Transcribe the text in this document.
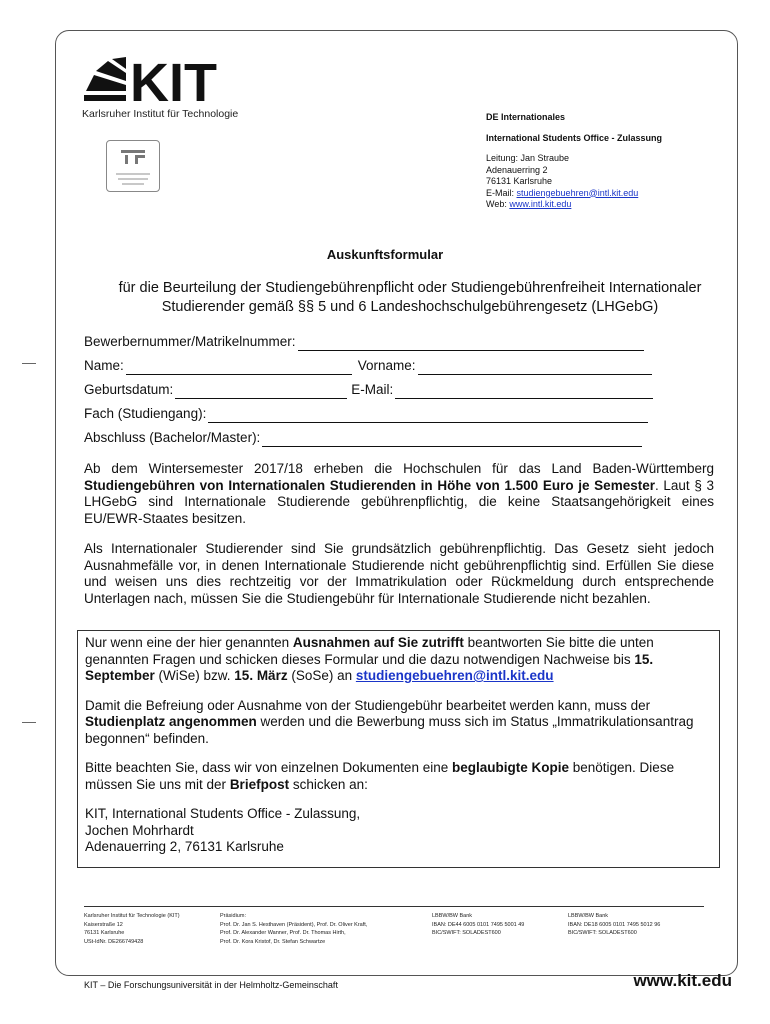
KIT
Karlsruher Institut für Technologie	DE Internationales
International Students Office - Zulassung
Leitung: Jan Straube
Adenauerring 2
76131 Karlsruhe
E-Mail: studiengebuehren@intl.kit.edu
Web: www.intl.kit.edu
Auskunftsformular
für die Beurteilung der Studiengebührenpflicht oder Studiengebührenfreiheit Internationaler Studierender gemäß §§ 5 und 6 Landeshochschulgebührengesetz (LHGebG)
Bewerbernummer/Matrikelnummer:
Name:	Vorname:
Geburtsdatum:	E-Mail:
Fach (Studiengang):
Abschluss (Bachelor/Master):
Ab dem Wintersemester 2017/18 erheben die Hochschulen für das Land Baden-Württemberg Studiengebühren von Internationalen Studierenden in Höhe von 1.500 Euro je Semester. Laut § 3 LHGebG sind Internationale Studierende gebührenpflichtig, die keine Staatsangehörigkeit eines EU/EWR-Staates besitzen.
Als Internationaler Studierender sind Sie grundsätzlich gebührenpflichtig. Das Gesetz sieht jedoch Ausnahmefälle vor, in denen Internationale Studierende nicht gebührenpflichtig sind. Erfüllen Sie diese und weisen uns dies rechtzeitig vor der Immatrikulation oder Rückmeldung durch entsprechende Unterlagen nach, müssen Sie die Studiengebühr für Internationale Studierende nicht bezahlen.

Nur wenn eine der hier genannten Ausnahmen auf Sie zutrifft beantworten Sie bitte die unten genannten Fragen und schicken dieses Formular und die dazu notwendigen Nachweise bis 15. September (WiSe) bzw. 15. März (SoSe) an studiengebuehren@intl.kit.edu

Damit die Befreiung oder Ausnahme von der Studiengebühr bearbeitet werden kann, muss der Studienplatz angenommen werden und die Bewerbung muss sich im Status „Immatrikulationsantrag begonnen“ befinden.

Bitte beachten Sie, dass wir von einzelnen Dokumenten eine beglaubigte Kopie benötigen. Diese müssen Sie uns mit der Briefpost schicken an:

KIT, International Students Office - Zulassung,
Jochen Mohrhardt
Adenauerring 2, 76131 Karlsruhe
Karlsruher Institut für Technologie (KIT)
Kaiserstraße 12
76131 Karlsruhe
USt-IdNr. DE266749428
Präsidium:
Prof. Dr. Jan S. Hesthaven (Präsident), Prof. Dr. Oliver Kraft,
Prof. Dr. Alexander Wanner, Prof. Dr. Thomas Hirth,
Prof. Dr. Kora Kristof, Dr. Stefan Schwartze
LBBW/BW Bank
IBAN: DE44 6005 0101 7495 5001 49
BIC/SWIFT: SOLADEST600
LBBW/BW Bank
IBAN: DE18 6005 0101 7495 5012 96
BIC/SWIFT: SOLADEST600
KIT – Die Forschungsuniversität in der Helmholtz-Gemeinschaft	www.kit.edu
